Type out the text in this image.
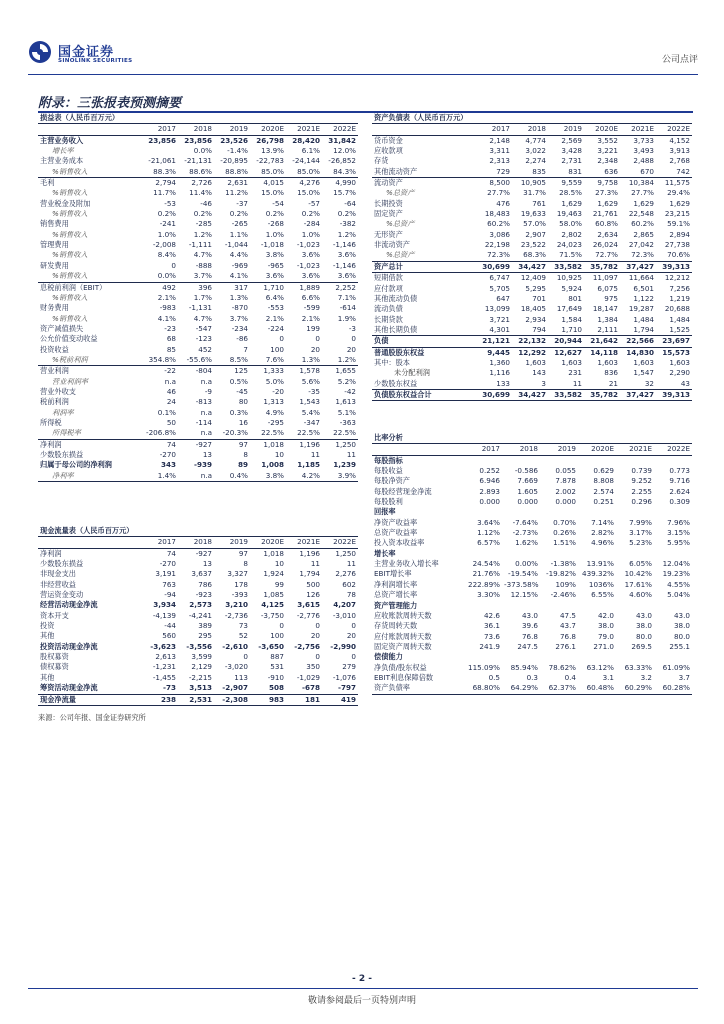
国金证券
SINOLINK SECURITIES	公司点评
附录：三张报表预测摘要
损益表（人民币百万元）						
	2017	2018	2019	2020E	2021E	2022E
主营业务收入	23,856	23,856	23,526	26,798	28,420	31,842
增长率		0.0%	-1.4%	13.9%	6.1%	12.0%
主营业务成本	-21,061	-21,131	-20,895	-22,783	-24,144	-26,852
%销售收入	88.3%	88.6%	88.8%	85.0%	85.0%	84.3%
毛利	2,794	2,726	2,631	4,015	4,276	4,990
%销售收入	11.7%	11.4%	11.2%	15.0%	15.0%	15.7%
营业税金及附加	-53	-46	-37	-54	-57	-64
%销售收入	0.2%	0.2%	0.2%	0.2%	0.2%	0.2%
销售费用	-241	-285	-265	-268	-284	-382
%销售收入	1.0%	1.2%	1.1%	1.0%	1.0%	1.2%
管理费用	-2,008	-1,111	-1,044	-1,018	-1,023	-1,146
%销售收入	8.4%	4.7%	4.4%	3.8%	3.6%	3.6%
研发费用	0	-888	-969	-965	-1,023	-1,146
%销售收入	0.0%	3.7%	4.1%	3.6%	3.6%	3.6%
息税前利润（EBIT）	492	396	317	1,710	1,889	2,252
%销售收入	2.1%	1.7%	1.3%	6.4%	6.6%	7.1%
财务费用	-983	-1,131	-870	-553	-599	-614
%销售收入	4.1%	4.7%	3.7%	2.1%	2.1%	1.9%
资产减值损失	-23	-547	-234	-224	199	-3
公允价值变动收益	68	-123	-86	0	0	0
投资收益	85	452	7	100	20	20
%税前利润	354.8%	-55.6%	8.5%	7.6%	1.3%	1.2%
营业利润	-22	-804	125	1,333	1,578	1,655
营业利润率	n.a	n.a	0.5%	5.0%	5.6%	5.2%
营业外收支	46	-9	-45	-20	-35	-42
税前利润	24	-813	80	1,313	1,543	1,613
利润率	0.1%	n.a	0.3%	4.9%	5.4%	5.1%
所得税	50	-114	16	-295	-347	-363
所得税率	-206.8%	n.a	-20.3%	22.5%	22.5%	22.5%
净利润	74	-927	97	1,018	1,196	1,250
少数股东损益	-270	13	8	10	11	11
归属于母公司的净利润	343	-939	89	1,008	1,185	1,239
净利率	1.4%	n.a	0.4%	3.8%	4.2%	3.9%
资产负债表（人民币百万元）						
	2017	2018	2019	2020E	2021E	2022E
货币资金	2,148	4,774	2,569	3,552	3,733	4,152
应收款项	3,311	3,022	3,428	3,221	3,493	3,913
存货	2,313	2,274	2,731	2,348	2,488	2,768
其他流动资产	729	835	831	636	670	742
流动资产	8,500	10,905	9,559	9,758	10,384	11,575
%总资产	27.7%	31.7%	28.5%	27.3%	27.7%	29.4%
长期投资	476	761	1,629	1,629	1,629	1,629
固定资产	18,483	19,633	19,463	21,761	22,548	23,215
%总资产	60.2%	57.0%	58.0%	60.8%	60.2%	59.1%
无形资产	3,086	2,907	2,802	2,634	2,865	2,894
非流动资产	22,198	23,522	24,023	26,024	27,042	27,738
%总资产	72.3%	68.3%	71.5%	72.7%	72.3%	70.6%
资产总计	30,699	34,427	33,582	35,782	37,427	39,313
短期借款	6,747	12,409	10,925	11,097	11,664	12,212
应付款项	5,705	5,295	5,924	6,075	6,501	7,256
其他流动负债	647	701	801	975	1,122	1,219
流动负债	13,099	18,405	17,649	18,147	19,287	20,688
长期贷款	3,721	2,934	1,584	1,384	1,484	1,484
其他长期负债	4,301	794	1,710	2,111	1,794	1,525
负债	21,121	22,132	20,944	21,642	22,566	23,697
普通股股东权益	9,445	12,292	12,627	14,118	14,830	15,573
其中：股本	1,360	1,603	1,603	1,603	1,603	1,603
未分配利润	1,116	143	231	836	1,547	2,290
少数股东权益	133	3	11	21	32	43
负债股东权益合计	30,699	34,427	33,582	35,782	37,427	39,313
比率分析						
	2017	2018	2019	2020E	2021E	2022E
每股指标						
每股收益	0.252	-0.586	0.055	0.629	0.739	0.773
每股净资产	6.946	7.669	7.878	8.808	9.252	9.716
每股经营现金净流	2.893	1.605	2.002	2.574	2.255	2.624
每股股利	0.000	0.000	0.000	0.251	0.296	0.309
回报率						
净资产收益率	3.64%	-7.64%	0.70%	7.14%	7.99%	7.96%
总资产收益率	1.12%	-2.73%	0.26%	2.82%	3.17%	3.15%
投入资本收益率	6.57%	1.62%	1.51%	4.96%	5.23%	5.95%
增长率						
主营业务收入增长率	24.54%	0.00%	-1.38%	13.91%	6.05%	12.04%
EBIT增长率	21.76%	-19.54%	-19.82%	439.32%	10.42%	19.23%
净利润增长率	222.89%	-373.58%	109%	1036%	17.61%	4.55%
总资产增长率	3.30%	12.15%	-2.46%	6.55%	4.60%	5.04%
资产管理能力						
应收账款周转天数	42.6	43.0	47.5	42.0	43.0	43.0
存货周转天数	36.1	39.6	43.7	38.0	38.0	38.0
应付账款周转天数	73.6	76.8	76.8	79.0	80.0	80.0
固定资产周转天数	241.9	247.5	276.1	271.0	269.5	255.1
偿债能力						
净负债/股东权益	115.09%	85.94%	78.62%	63.12%	63.33%	61.09%
EBIT利息保障倍数	0.5	0.3	0.4	3.1	3.2	3.7
资产负债率	68.80%	64.29%	62.37%	60.48%	60.29%	60.28%
现金流量表（人民币百万元）						
	2017	2018	2019	2020E	2021E	2022E
净利润	74	-927	97	1,018	1,196	1,250
少数股东损益	-270	13	8	10	11	11
非现金支出	3,191	3,637	3,327	1,924	1,794	2,276
非经营收益	763	786	178	99	500	602
营运资金变动	-94	-923	-393	1,085	126	78
经营活动现金净流	3,934	2,573	3,210	4,125	3,615	4,207
资本开支	-4,139	-4,241	-2,736	-3,750	-2,776	-3,010
投资	-44	389	73	0	0	0
其他	560	295	52	100	20	20
投资活动现金净流	-3,623	-3,556	-2,610	-3,650	-2,756	-2,990
股权募资	2,613	3,599	0	887	0	0
债权募资	-1,231	2,129	-3,020	531	350	279
其他	-1,455	-2,215	113	-910	-1,029	-1,076
筹资活动现金净流	-73	3,513	-2,907	508	-678	-797
现金净流量	238	2,531	-2,308	983	181	419
来源：公司年报、国金证券研究所
- 2 -
敬请参阅最后一页特别声明
